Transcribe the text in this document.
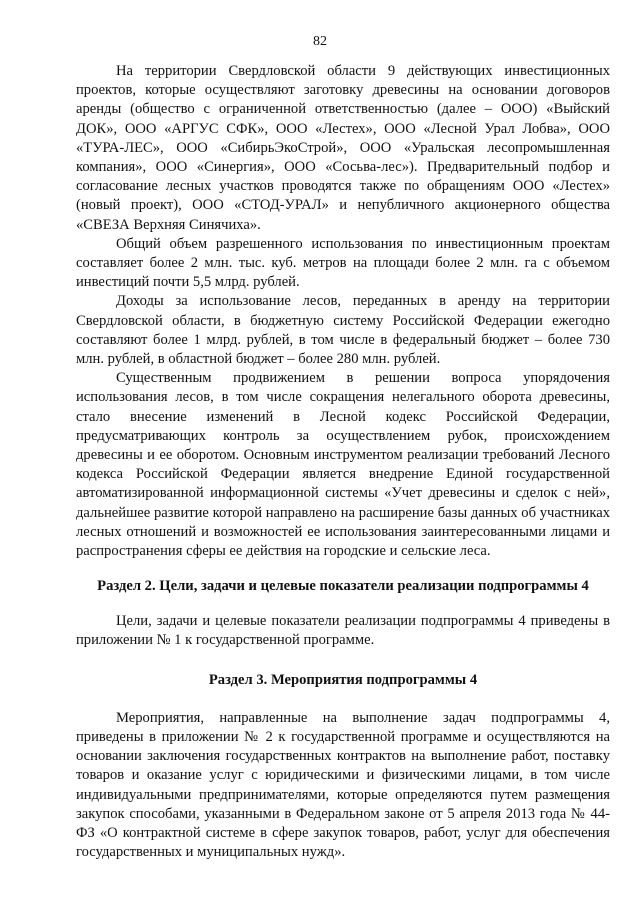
82

На территории Свердловской области 9 действующих инвестиционных проектов, которые осуществляют заготовку древесины на основании договоров аренды (общество с ограниченной ответственностью (далее – ООО) «Выйский ДОК», ООО «АРГУС СФК», ООО «Лестех», ООО «Лесной Урал Лобва», ООО «ТУРА-ЛЕС», ООО «СибирьЭкоСтрой», ООО «Уральская лесопромышленная компания», ООО «Синергия», ООО «Сосьва-лес»). Предварительный подбор и согласование лесных участков проводятся также по обращениям ООО «Лестех» (новый проект), ООО «СТОД-УРАЛ» и непубличного акционерного общества «СВЕЗА Верхняя Синячиха».

Общий объем разрешенного использования по инвестиционным проектам составляет более 2 млн. тыс. куб. метров на площади более 2 млн. га с объемом инвестиций почти 5,5 млрд. рублей.

Доходы за использование лесов, переданных в аренду на территории Свердловской области, в бюджетную систему Российской Федерации ежегодно составляют более 1 млрд. рублей, в том числе в федеральный бюджет – более 730 млн. рублей, в областной бюджет – более 280 млн. рублей.

Существенным продвижением в решении вопроса упорядочения использования лесов, в том числе сокращения нелегального оборота древесины, стало внесение изменений в Лесной кодекс Российской Федерации, предусматривающих контроль за осуществлением рубок, происхождением древесины и ее оборотом. Основным инструментом реализации требований Лесного кодекса Российской Федерации является внедрение Единой государственной автоматизированной информационной системы «Учет древесины и сделок с ней», дальнейшее развитие которой направлено на расширение базы данных об участниках лесных отношений и возможностей ее использования заинтересованными лицами и распространения сферы ее действия на городские и сельские леса.

Раздел 2. Цели, задачи и целевые показатели реализации подпрограммы 4

Цели, задачи и целевые показатели реализации подпрограммы 4 приведены в приложении № 1 к государственной программе.

Раздел 3. Мероприятия подпрограммы 4

Мероприятия, направленные на выполнение задач подпрограммы 4, приведены в приложении № 2 к государственной программе и осуществляются на основании заключения государственных контрактов на выполнение работ, поставку товаров и оказание услуг с юридическими и физическими лицами, в том числе индивидуальными предпринимателями, которые определяются путем размещения закупок способами, указанными в Федеральном законе от 5 апреля 2013 года № 44-ФЗ «О контрактной системе в сфере закупок товаров, работ, услуг для обеспечения государственных и муниципальных нужд».
